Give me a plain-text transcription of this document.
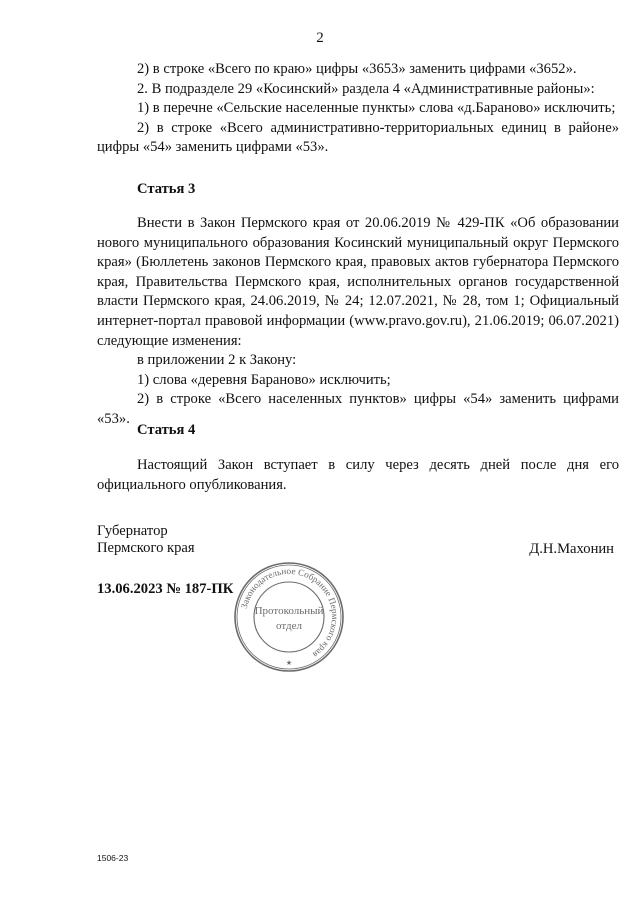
2

2) в строке «Всего по краю» цифры «3653» заменить цифрами «3652».

2. В подразделе 29 «Косинский» раздела 4 «Административные районы»:

1) в перечне «Сельские населенные пункты» слова «д.Бараново» исключить;

2) в строке «Всего административно-территориальных единиц в районе» цифры «54» заменить цифрами «53».

Статья 3

Внести в Закон Пермского края от 20.06.2019 № 429-ПК «Об образовании нового муниципального образования Косинский муниципальный округ Пермского края» (Бюллетень законов Пермского края, правовых актов губернатора Пермского края, Правительства Пермского края, исполнительных органов государственной власти Пермского края, 24.06.2019, № 24; 12.07.2021, № 28, том 1; Официальный интернет-портал правовой информации (www.pravo.gov.ru), 21.06.2019; 06.07.2021) следующие изменения:

в приложении 2 к Закону:

1) слова «деревня Бараново» исключить;

2) в строке «Всего населенных пунктов» цифры «54» заменить цифрами «53».

Статья 4

Настоящий Закон вступает в силу через десять дней после дня его официального опубликования.

Губернатор
Пермского края	Д.Н.Махонин
13.06.2023 № 187-ПК
Законодательное Собрание Пермского края
Протокольный
отдел
★
1506-23
